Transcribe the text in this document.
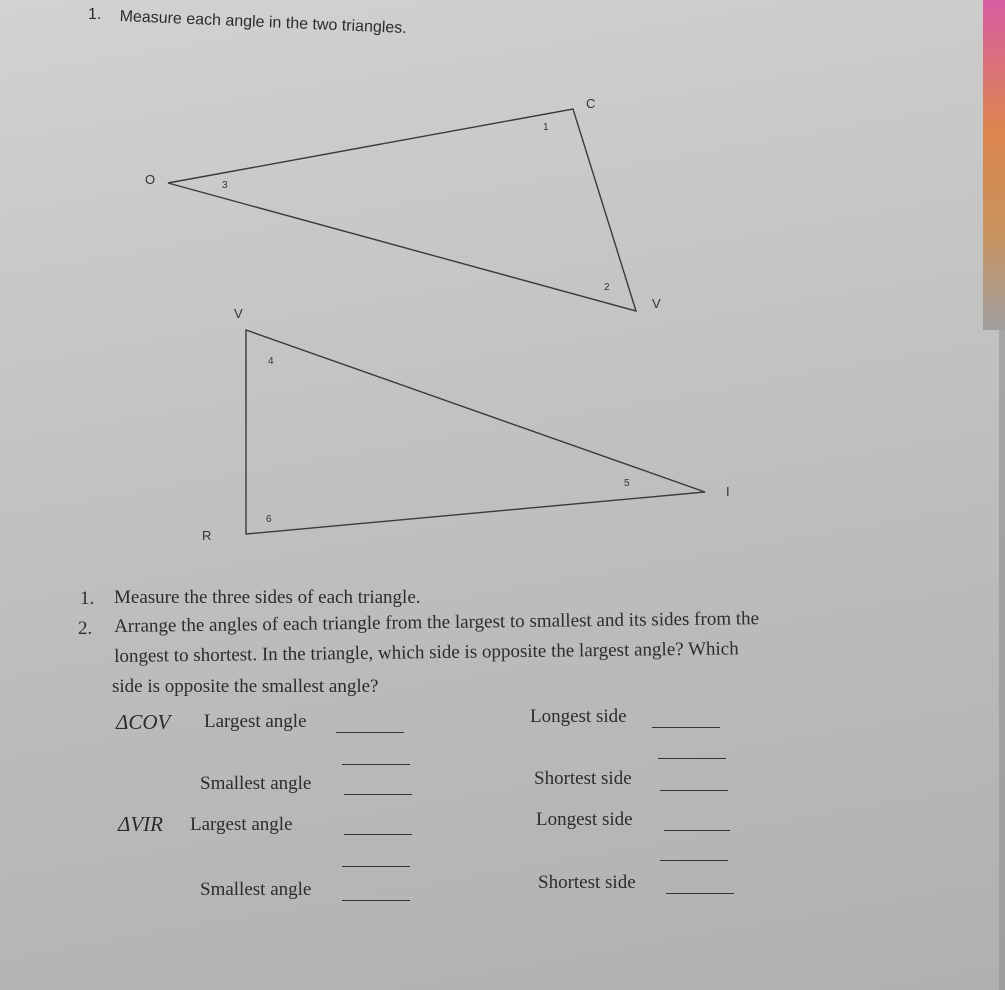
1. Measure each angle in the two triangles.
O
C
V
3
1
2
V
I
R
4
5
6
1. Measure the three sides of each triangle.
2. Arrange the angles of each triangle from the largest to smallest and its sides from the
longest to shortest. In the triangle, which side is opposite the largest angle? Which
side is opposite the smallest angle?
ΔCOV Largest angle
Smallest angle
Longest side
Shortest side
ΔVIR Largest angle
Smallest angle
Longest side
Shortest side
